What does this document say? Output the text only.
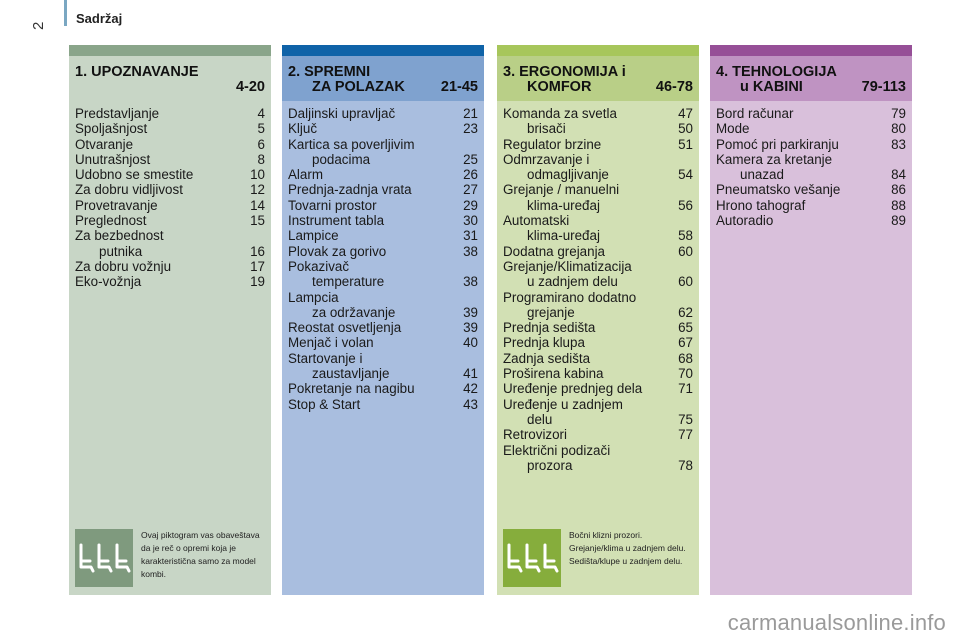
2 Sadržaj
1. UPOZNAVANJE
4-20
Predstavljanje	4
Spoljašnjost	5
Otvaranje	6
Unutrašnjost	8
Udobno se smestite	10
Za dobru vidljivost	12
Provetravanje	14
Preglednost	15
Za bezbednost
putnika	16
Za dobru vožnju	17
Eko-vožnja	19
Ovaj piktogram vas obaveštava da je reč o opremi koja je karakteristična samo za model kombi.
2. SPREMNI
ZA POLAZAK 21-45
Daljinski upravljač	21
Ključ	23
Kartica sa poverljivim
podacima	25
Alarm	26
Prednja-zadnja vrata	27
Tovarni prostor	29
Instrument tabla	30
Lampice	31
Plovak za gorivo	38
Pokazivač
temperature	38
Lampcia
za održavanje	39
Reostat osvetljenja	39
Menjač i volan	40
Startovanje i
zaustavljanje	41
Pokretanje na nagibu	42
Stop & Start	43
3. ERGONOMIJA i
KOMFOR	46-78
Komanda za svetla	47
brisači	50
Regulator brzine	51
Odmrzavanje i
odmagljivanje	54
Grejanje / manuelni
klima-uređaj	56
Automatski
klima-uređaj	58
Dodatna grejanja	60
Grejanje/Klimatizacija
u zadnjem delu	60
Programirano dodatno
grejanje	62
Prednja sedišta	65
Prednja klupa	67
Zadnja sedišta	68
Proširena kabina	70
Uređenje prednjeg dela	71
Uređenje u zadnjem
delu	75
Retrovizori	77
Električni podizači
prozora	78
Bočni klizni prozori. Grejanje/klima u zadnjem delu. Sedišta/klupe u zadnjem delu.
4. TEHNOLOGIJA
u KABINI	79-113
Bord računar	79
Mode	80
Pomoć pri parkiranju	83
Kamera za kretanje
unazad	84
Pneumatsko vešanje	86
Hrono tahograf	88
Autoradio	89
carmanualsonline.info
